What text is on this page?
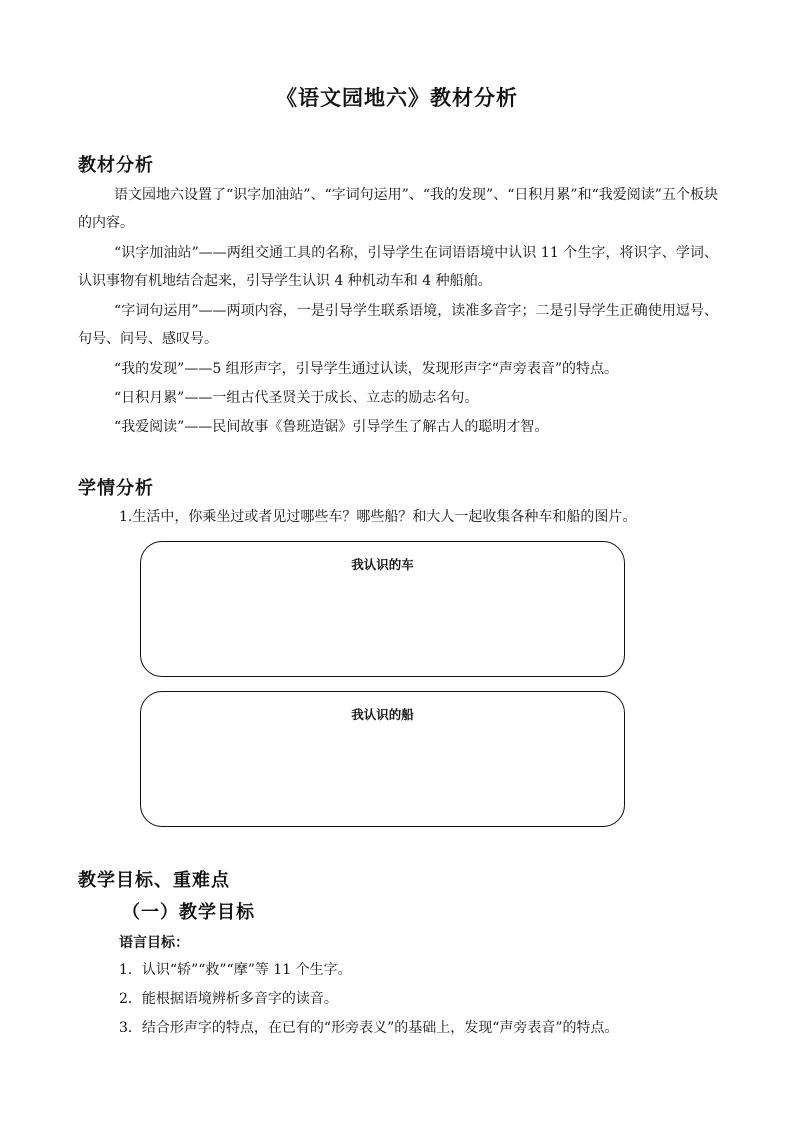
《语文园地六》教材分析
教材分析

语文园地六设置了“识字加油站”、“字词句运用”、“我的发现”、“日积月累”和“我爱阅读”五个板块的内容。

“识字加油站”——两组交通工具的名称，引导学生在词语语境中认识 11 个生字，将识字、学词、认识事物有机地结合起来，引导学生认识 4 种机动车和 4 种船舶。

“字词句运用”——两项内容，一是引导学生联系语境，读准多音字；二是引导学生正确使用逗号、句号、问号、感叹号。

“我的发现”——5 组形声字，引导学生通过认读，发现形声字“声旁表音”的特点。

“日积月累”——一组古代圣贤关于成长、立志的励志名句。

“我爱阅读”——民间故事《鲁班造锯》引导学生了解古人的聪明才智。

学情分析
1.生活中，你乘坐过或者见过哪些车？哪些船？和大人一起收集各种车和船的图片。
我认识的车
我认识的船
教学目标、重难点
（一）教学目标
语言目标：
1．认识“轿”“救”“摩”等 11 个生字。
2．能根据语境辨析多音字的读音。
3．结合形声字的特点，在已有的“形旁表义”的基础上，发现“声旁表音”的特点。
